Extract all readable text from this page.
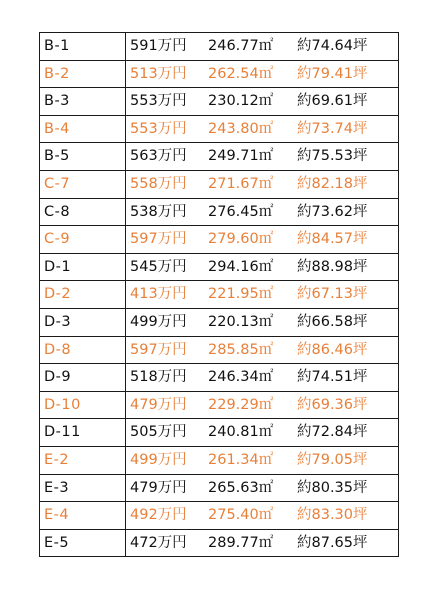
B-1	591万円 246.77㎡ 約74.64坪
B-2	513万円 262.54㎡ 約79.41坪
B-3	553万円 230.12㎡ 約69.61坪
B-4	553万円 243.80㎡ 約73.74坪
B-5	563万円 249.71㎡ 約75.53坪
C-7	558万円 271.67㎡ 約82.18坪
C-8	538万円 276.45㎡ 約73.62坪
C-9	597万円 279.60㎡ 約84.57坪
D-1	545万円 294.16㎡ 約88.98坪
D-2	413万円 221.95㎡ 約67.13坪
D-3	499万円 220.13㎡ 約66.58坪
D-8	597万円 285.85㎡ 約86.46坪
D-9	518万円 246.34㎡ 約74.51坪
D-10	479万円 229.29㎡ 約69.36坪
D-11	505万円 240.81㎡ 約72.84坪
E-2	499万円 261.34㎡ 約79.05坪
E-3	479万円 265.63㎡ 約80.35坪
E-4	492万円 275.40㎡ 約83.30坪
E-5	472万円 289.77㎡ 約87.65坪
